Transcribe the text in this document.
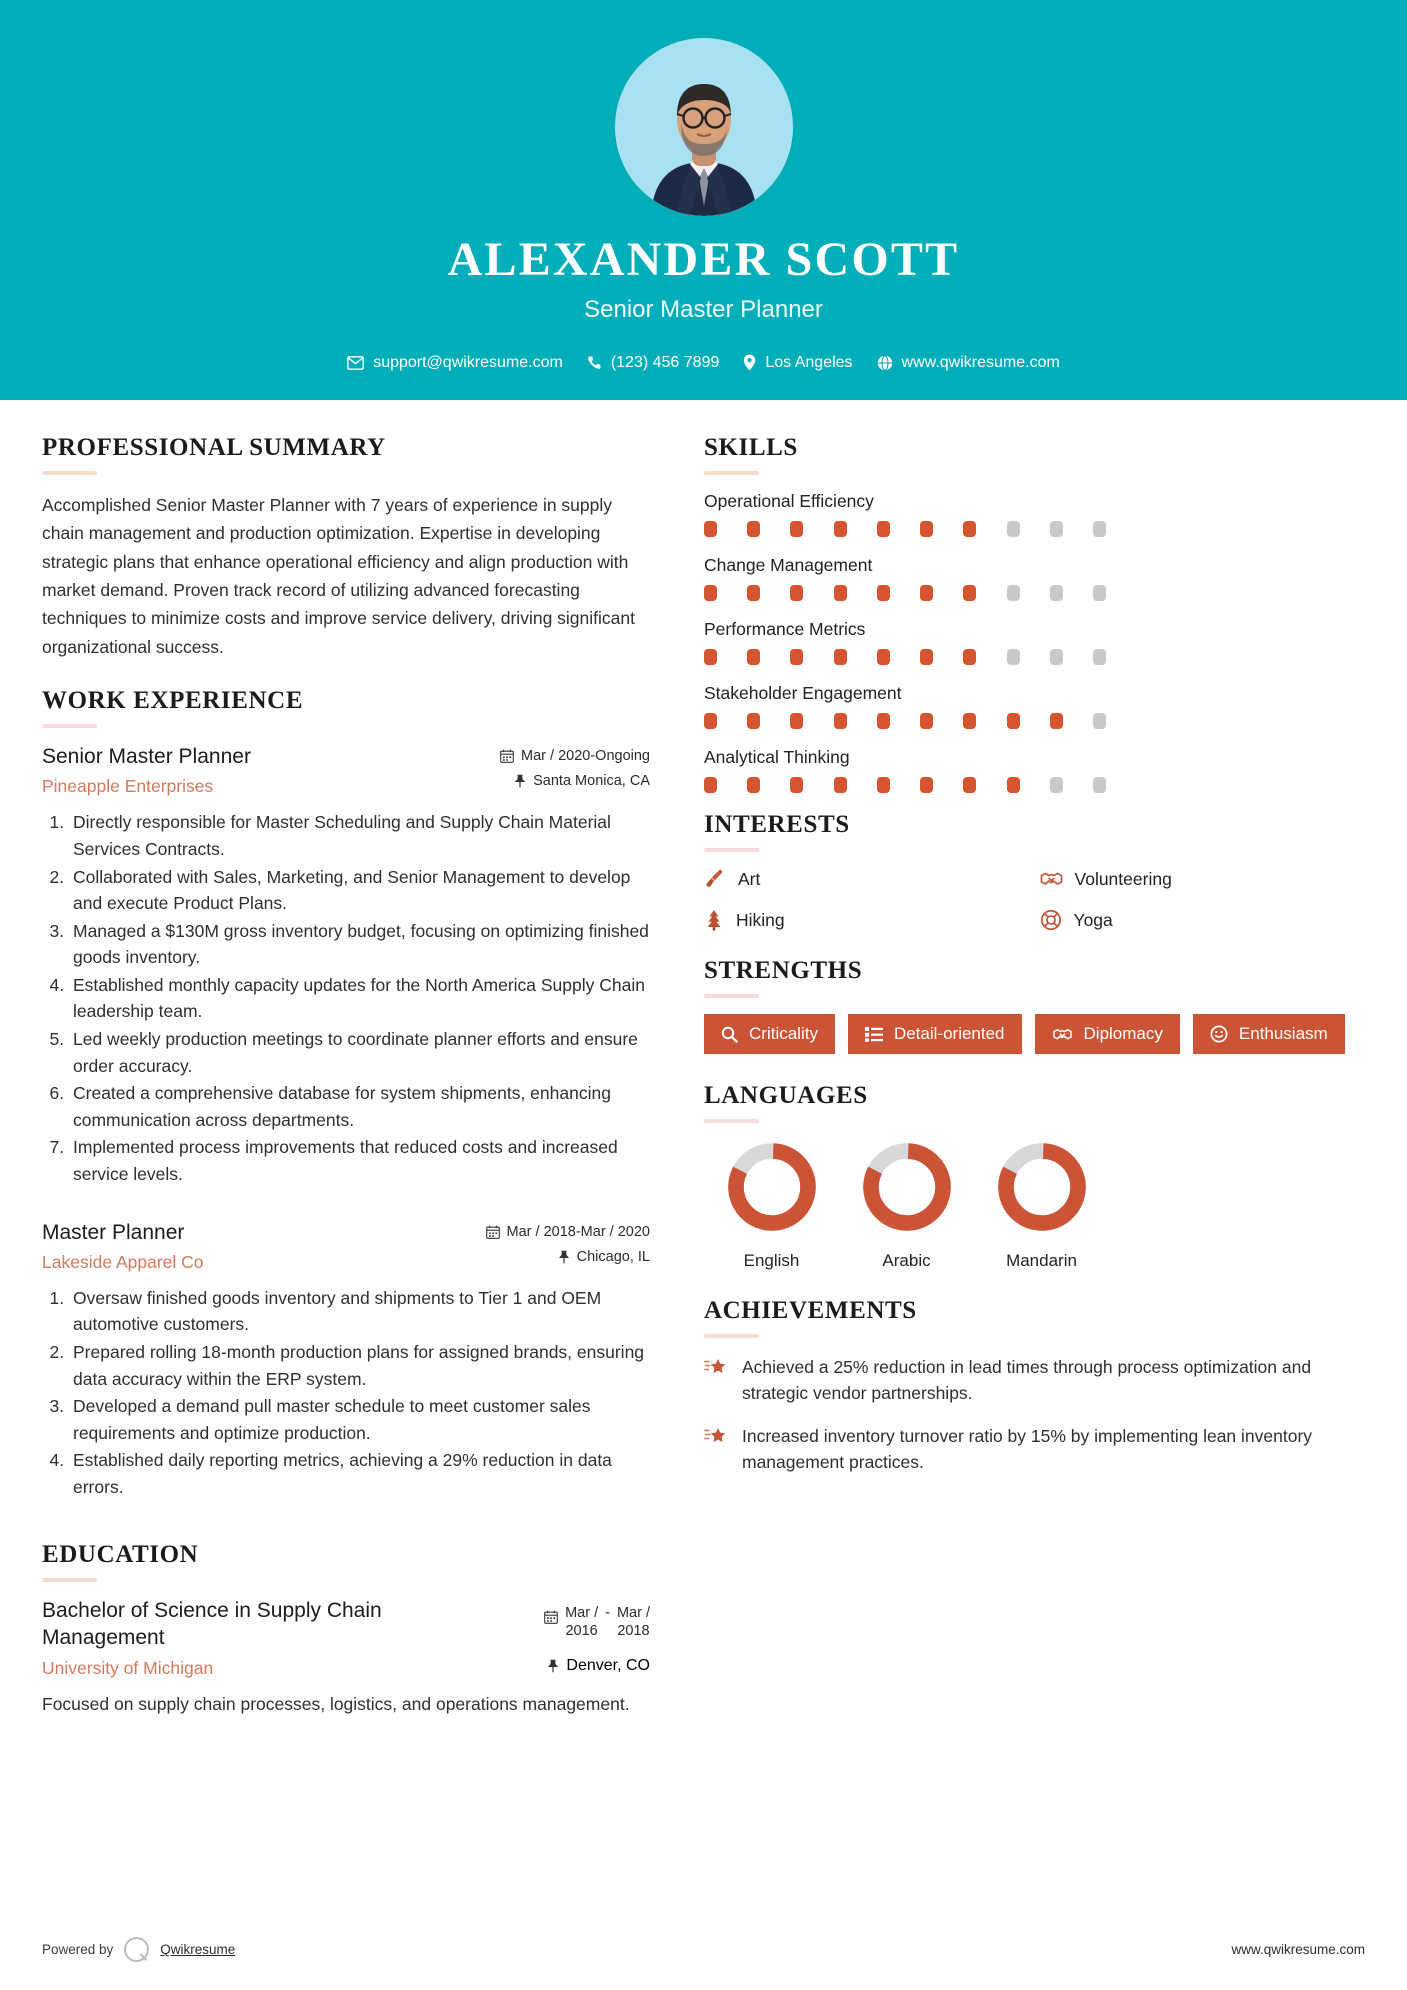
ALEXANDER SCOTT
Senior Master Planner
support@qwikresume.com	(123) 456 7899	Los Angeles	www.qwikresume.com
PROFESSIONAL SUMMARY
Accomplished Senior Master Planner with 7 years of experience in supply chain management and production optimization. Expertise in developing strategic plans that enhance operational efficiency and align production with market demand. Proven track record of utilizing advanced forecasting techniques to minimize costs and improve service delivery, driving significant organizational success.
WORK EXPERIENCE
Senior Master Planner
Pineapple Enterprises
Mar / 2020-Ongoing
Santa Monica, CA
1. Directly responsible for Master Scheduling and Supply Chain Material Services Contracts.
2. Collaborated with Sales, Marketing, and Senior Management to develop and execute Product Plans.
3. Managed a $130M gross inventory budget, focusing on optimizing finished goods inventory.
4. Established monthly capacity updates for the North America Supply Chain leadership team.
5. Led weekly production meetings to coordinate planner efforts and ensure order accuracy.
6. Created a comprehensive database for system shipments, enhancing communication across departments.
7. Implemented process improvements that reduced costs and increased service levels.
Master Planner
Lakeside Apparel Co
Mar / 2018-Mar / 2020
Chicago, IL
1. Oversaw finished goods inventory and shipments to Tier 1 and OEM automotive customers.
2. Prepared rolling 18-month production plans for assigned brands, ensuring data accuracy within the ERP system.
3. Developed a demand pull master schedule to meet customer sales requirements and optimize production.
4. Established daily reporting metrics, achieving a 29% reduction in data errors.
EDUCATION
Bachelor of Science in Supply Chain Management
University of Michigan
Mar /
2016
- Mar /
2018
Denver, CO
Focused on supply chain processes, logistics, and operations management.
SKILLS
Operational Efficiency
Change Management
Performance Metrics
Stakeholder Engagement
Analytical Thinking
INTERESTS
Art	Volunteering
Hiking	Yoga
STRENGTHS
Criticality	Detail-oriented	Diplomacy	Enthusiasm
LANGUAGES
English	Arabic	Mandarin
ACHIEVEMENTS
Achieved a 25% reduction in lead times through process optimization and strategic vendor partnerships.
Increased inventory turnover ratio by 15% by implementing lean inventory management practices.
Powered by	Qwikresume	www.qwikresume.com
